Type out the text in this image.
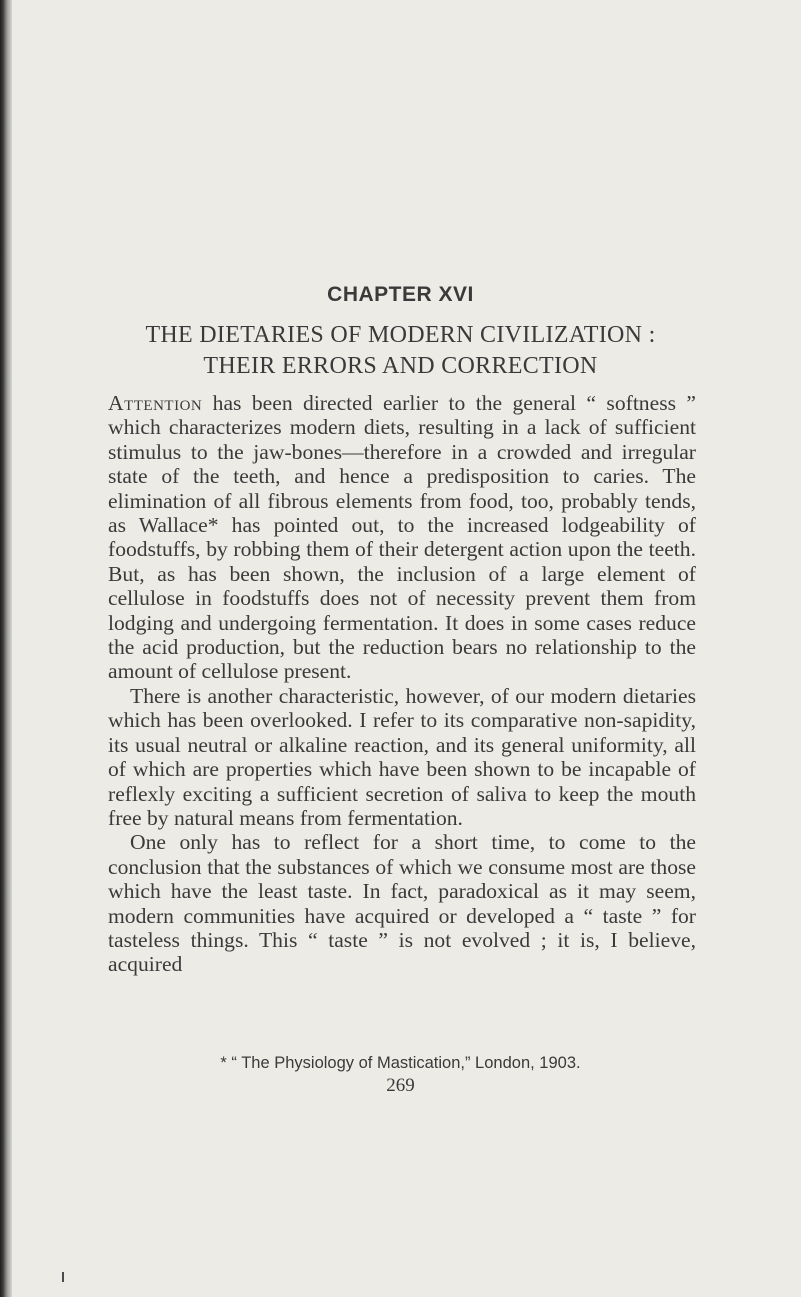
CHAPTER XVI
THE DIETARIES OF MODERN CIVILIZATION :
THEIR ERRORS AND CORRECTION

Attention has been directed earlier to the general “ softness ” which characterizes modern diets, resulting in a lack of sufficient stimulus to the jaw-bones—therefore in a crowded and irregular state of the teeth, and hence a predisposition to caries. The elimination of all fibrous elements from food, too, probably tends, as Wallace* has pointed out, to the increased lodgeability of foodstuffs, by robbing them of their detergent action upon the teeth. But, as has been shown, the inclusion of a large element of cellulose in foodstuffs does not of necessity prevent them from lodging and undergoing fermentation. It does in some cases reduce the acid production, but the reduction bears no relationship to the amount of cellulose present.

There is another characteristic, however, of our modern dietaries which has been overlooked. I refer to its comparative non-sapidity, its usual neutral or alkaline reaction, and its general uniformity, all of which are properties which have been shown to be incapable of reflexly exciting a sufficient secretion of saliva to keep the mouth free by natural means from fermentation.

One only has to reflect for a short time, to come to the conclusion that the substances of which we consume most are those which have the least taste. In fact, paradoxical as it may seem, modern communities have acquired or developed a “ taste ” for tasteless things. This “ taste ” is not evolved ; it is, I believe, acquired

* “ The Physiology of Mastication,” London, 1903.

269
